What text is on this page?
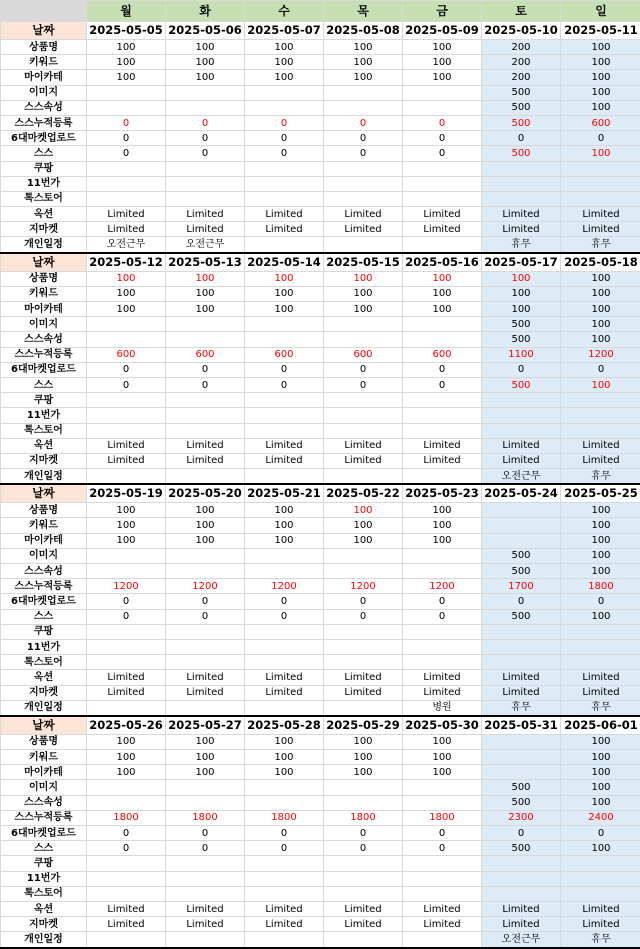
	월	화	수	목	금	토	일
날짜	2025-05-05	2025-05-06	2025-05-07	2025-05-08	2025-05-09	2025-05-10	2025-05-11
상품명	100	100	100	100	100	200	100
키워드	100	100	100	100	100	200	100
마이카테	100	100	100	100	100	200	100
이미지						500	100
스스속성						500	100
스스누적등록	0	0	0	0	0	500	600
6대마켓업로드	0	0	0	0	0	0	0
스스	0	0	0	0	0	500	100
쿠팡							
11번가							
톡스토어							
옥션	Limited	Limited	Limited	Limited	Limited	Limited	Limited
지마켓	Limited	Limited	Limited	Limited	Limited	Limited	Limited
개인일정	오전근무	오전근무				휴무	휴무
날짜	2025-05-12	2025-05-13	2025-05-14	2025-05-15	2025-05-16	2025-05-17	2025-05-18
상품명	100	100	100	100	100	100	100
키워드	100	100	100	100	100	100	100
마이카테	100	100	100	100	100	100	100
이미지						500	100
스스속성						500	100
스스누적등록	600	600	600	600	600	1100	1200
6대마켓업로드	0	0	0	0	0	0	0
스스	0	0	0	0	0	500	100
쿠팡							
11번가							
톡스토어							
옥션	Limited	Limited	Limited	Limited	Limited	Limited	Limited
지마켓	Limited	Limited	Limited	Limited	Limited	Limited	Limited
개인일정						오전근무	휴무
날짜	2025-05-19	2025-05-20	2025-05-21	2025-05-22	2025-05-23	2025-05-24	2025-05-25
상품명	100	100	100	100	100		100
키워드	100	100	100	100	100		100
마이카테	100	100	100	100	100		100
이미지						500	100
스스속성						500	100
스스누적등록	1200	1200	1200	1200	1200	1700	1800
6대마켓업로드	0	0	0	0	0	0	0
스스	0	0	0	0	0	500	100
쿠팡							
11번가							
톡스토어							
옥션	Limited	Limited	Limited	Limited	Limited	Limited	Limited
지마켓	Limited	Limited	Limited	Limited	Limited	Limited	Limited
개인일정					병원	휴무	휴무
날짜	2025-05-26	2025-05-27	2025-05-28	2025-05-29	2025-05-30	2025-05-31	2025-06-01
상품명	100	100	100	100	100		100
키워드	100	100	100	100	100		100
마이카테	100	100	100	100	100		100
이미지						500	100
스스속성						500	100
스스누적등록	1800	1800	1800	1800	1800	2300	2400
6대마켓업로드	0	0	0	0	0	0	0
스스	0	0	0	0	0	500	100
쿠팡							
11번가							
톡스토어							
옥션	Limited	Limited	Limited	Limited	Limited	Limited	Limited
지마켓	Limited	Limited	Limited	Limited	Limited	Limited	Limited
개인일정						오전근무	휴무
